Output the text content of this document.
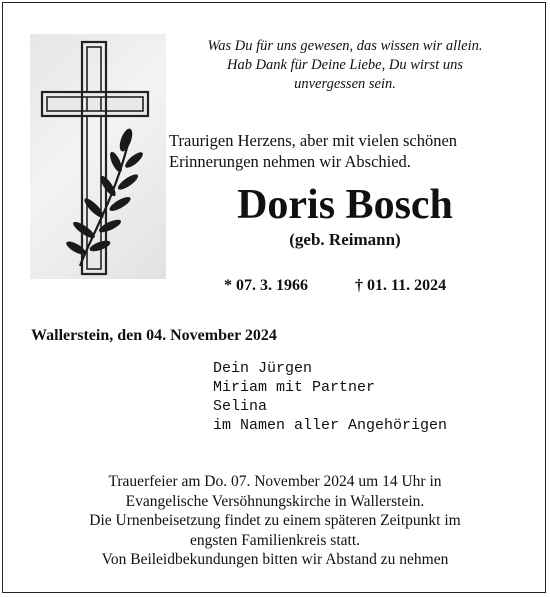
Was Du für uns gewesen, das wissen wir allein.
Hab Dank für Deine Liebe, Du wirst uns
unvergessen sein.
Traurigen Herzens, aber mit vielen schönen
Erinnerungen nehmen wir Abschied.
Doris Bosch
(geb. Reimann)
* 07. 3. 1966	† 01. 11. 2024
Wallerstein, den 04. November 2024
Dein Jürgen
Miriam mit Partner
Selina
im Namen aller Angehörigen
Trauerfeier am Do. 07. November 2024 um 14 Uhr in
Evangelische Versöhnungskirche in Wallerstein.
Die Urnenbeisetzung findet zu einem späteren Zeitpunkt im
engsten Familienkreis statt.
Von Beileidbekundungen bitten wir Abstand zu nehmen
